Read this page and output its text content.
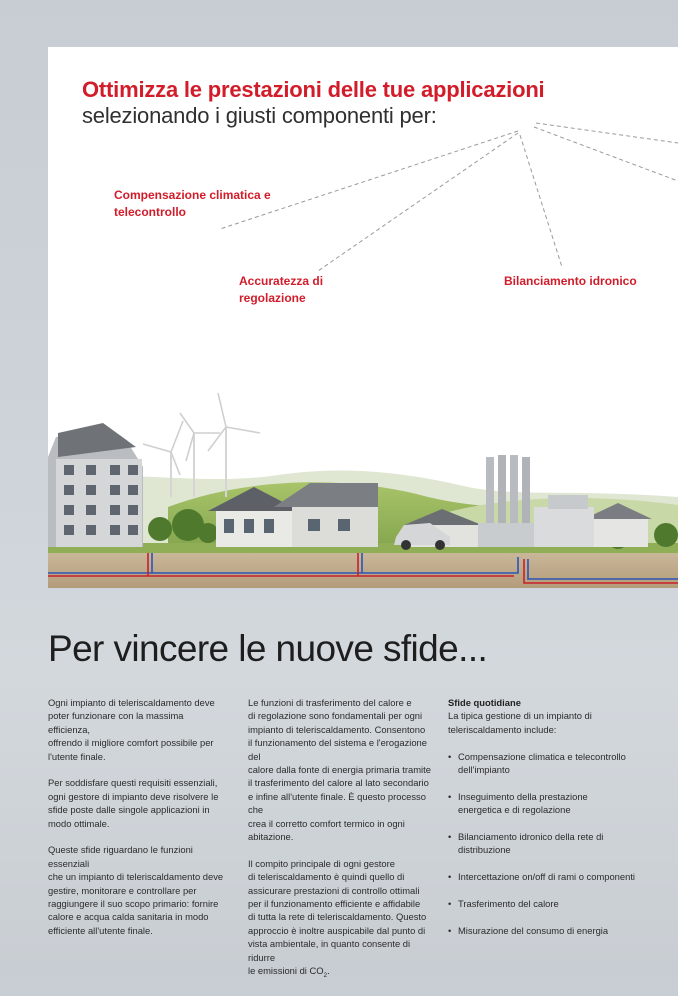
Ottimizza le prestazioni delle tue applicazioni
selezionando i giusti componenti per:
Compensazione climatica e
telecontrollo
Accuratezza di
regolazione
Bilanciamento idronico
Per vincere le nuove sfide...

Ogni impianto di teleriscaldamento deve
poter funzionare con la massima efficienza,
offrendo il migliore comfort possibile per
l'utente finale.

Per soddisfare questi requisiti essenziali,
ogni gestore di impianto deve risolvere le
sfide poste dalle singole applicazioni in
modo ottimale.

Queste sfide riguardano le funzioni essenziali
che un impianto di teleriscaldamento deve
gestire, monitorare e controllare per
raggiungere il suo scopo primario: fornire
calore e acqua calda sanitaria in modo
efficiente all'utente finale.

Le funzioni di trasferimento del calore e
di regolazione sono fondamentali per ogni
impianto di teleriscaldamento. Consentono
il funzionamento del sistema e l'erogazione del
calore dalla fonte di energia primaria tramite
il trasferimento del calore al lato secondario
e infine all'utente finale. È questo processo che
crea il corretto comfort termico in ogni
abitazione.

Il compito principale di ogni gestore
di teleriscaldamento è quindi quello di
assicurare prestazioni di controllo ottimali
per il funzionamento efficiente e affidabile
di tutta la rete di teleriscaldamento. Questo
approccio è inoltre auspicabile dal punto di
vista ambientale, in quanto consente di ridurre
le emissioni di $CO_2$.

Sfide quotidiane

La tipica gestione di un impianto di
teleriscaldamento include:

• Compensazione climatica e telecontrollo
dell'impianto
• Inseguimento della prestazione
energetica e di regolazione
• Bilanciamento idronico della rete di
distribuzione
• Intercettazione on/off di rami o componenti
• Trasferimento del calore
• Misurazione del consumo di energia
